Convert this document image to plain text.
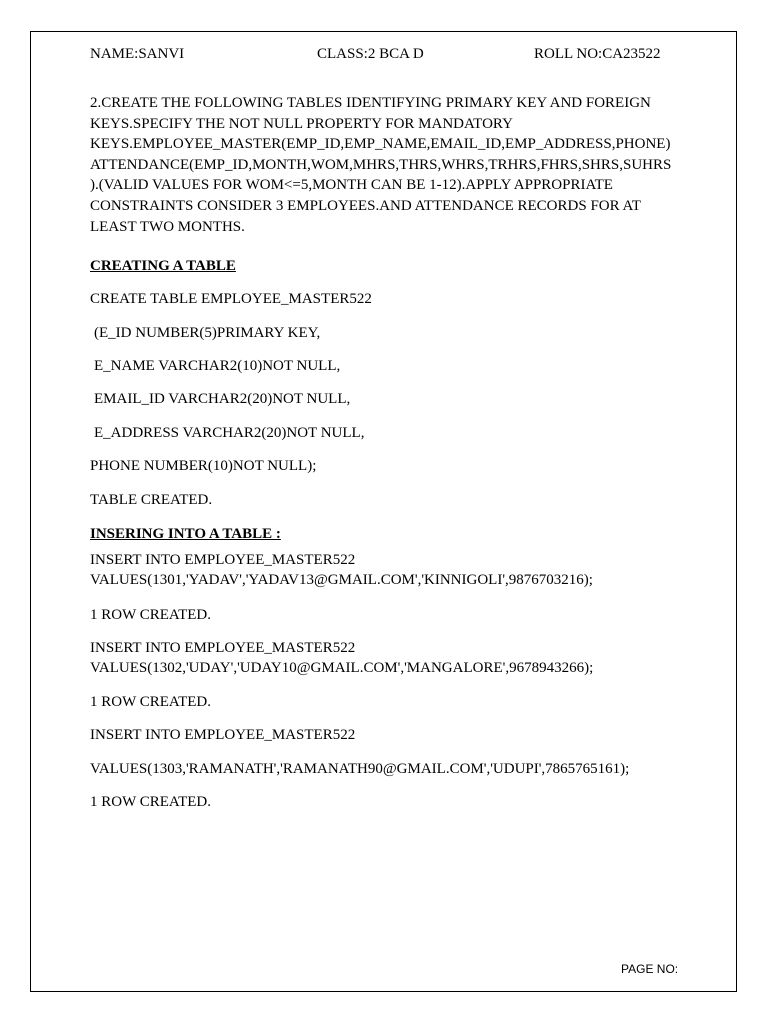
NAME:SANVI	CLASS:2 BCA D	ROLL NO:CA23522
2.CREATE THE FOLLOWING TABLES IDENTIFYING PRIMARY KEY AND FOREIGN
KEYS.SPECIFY THE NOT NULL PROPERTY FOR MANDATORY
KEYS.EMPLOYEE_MASTER(EMP_ID,EMP_NAME,EMAIL_ID,EMP_ADDRESS,PHONE)
ATTENDANCE(EMP_ID,MONTH,WOM,MHRS,THRS,WHRS,TRHRS,FHRS,SHRS,SUHRS
).(VALID VALUES FOR WOM<=5,MONTH CAN BE 1-12).APPLY APPROPRIATE
CONSTRAINTS CONSIDER 3 EMPLOYEES.AND ATTENDANCE RECORDS FOR AT
LEAST TWO MONTHS.
CREATING A TABLE
CREATE TABLE EMPLOYEE_MASTER522
(E_ID NUMBER(5)PRIMARY KEY,
E_NAME VARCHAR2(10)NOT NULL,
EMAIL_ID VARCHAR2(20)NOT NULL,
E_ADDRESS VARCHAR2(20)NOT NULL,
PHONE NUMBER(10)NOT NULL);
TABLE CREATED.
INSERING INTO A TABLE :
INSERT INTO EMPLOYEE_MASTER522
VALUES(1301,'YADAV','YADAV13@GMAIL.COM','KINNIGOLI',9876703216);
1 ROW CREATED.
INSERT INTO EMPLOYEE_MASTER522
VALUES(1302,'UDAY','UDAY10@GMAIL.COM','MANGALORE',9678943266);
1 ROW CREATED.
INSERT INTO EMPLOYEE_MASTER522
VALUES(1303,'RAMANATH','RAMANATH90@GMAIL.COM','UDUPI',7865765161);
1 ROW CREATED.
PAGE NO:
